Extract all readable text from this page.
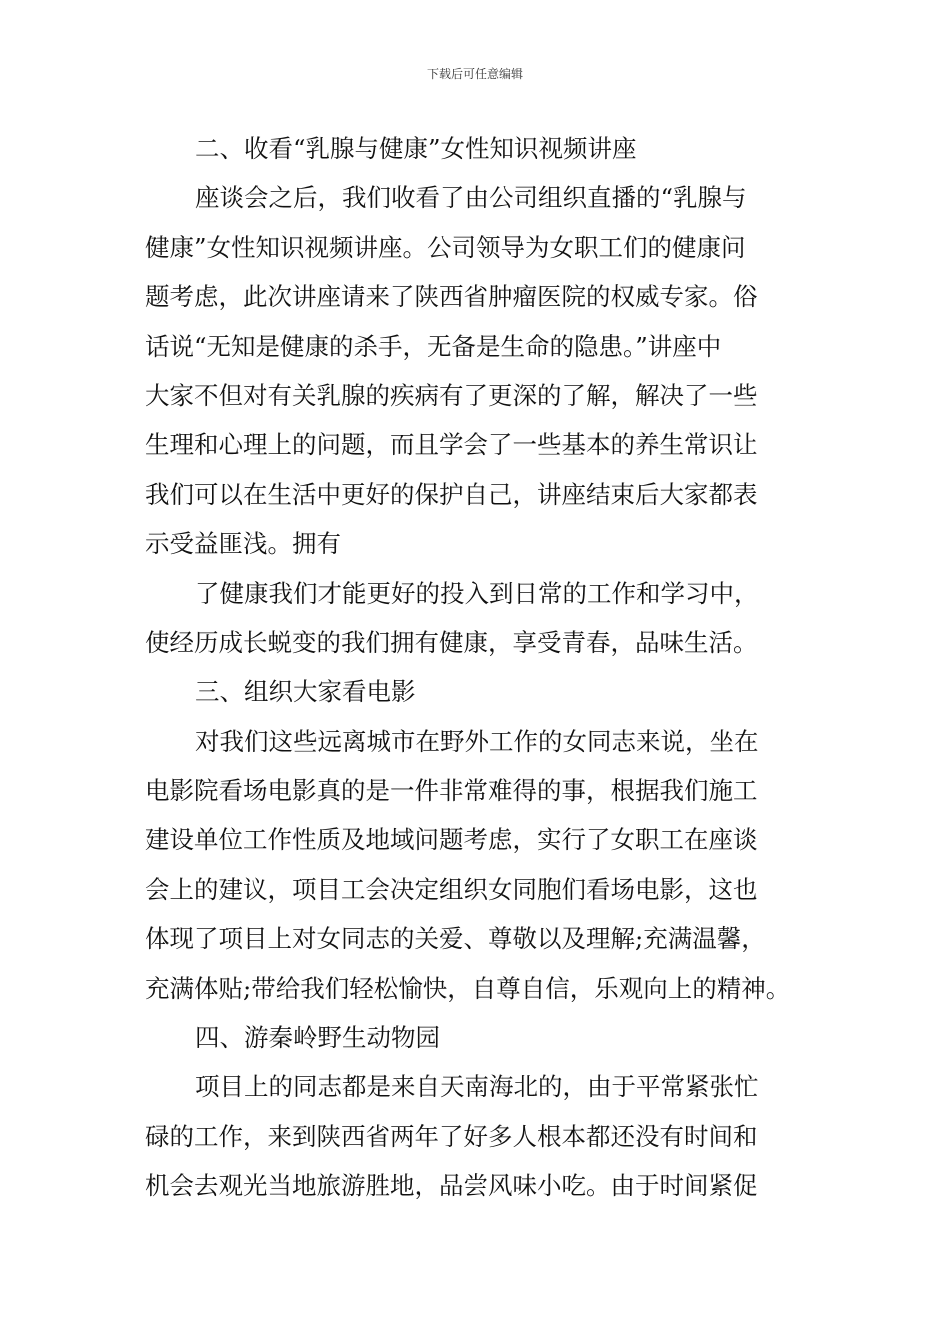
下载后可任意编辑
二、收看“乳腺与健康”女性知识视频讲座
座谈会之后，我们收看了由公司组织直播的“乳腺与
健康”女性知识视频讲座。公司领导为女职工们的健康问
题考虑，此次讲座请来了陕西省肿瘤医院的权威专家。俗
话说“无知是健康的杀手，无备是生命的隐患。”讲座中
大家不但对有关乳腺的疾病有了更深的了解，解决了一些
生理和心理上的问题，而且学会了一些基本的养生常识让
我们可以在生活中更好的保护自己，讲座结束后大家都表
示受益匪浅。拥有
了健康我们才能更好的投入到日常的工作和学习中，
使经历成长蜕变的我们拥有健康，享受青春，品味生活。
三、组织大家看电影
对我们这些远离城市在野外工作的女同志来说，坐在
电影院看场电影真的是一件非常难得的事，根据我们施工
建设单位工作性质及地域问题考虑，实行了女职工在座谈
会上的建议，项目工会决定组织女同胞们看场电影，这也
体现了项目上对女同志的关爱、尊敬以及理解;充满温馨，
充满体贴;带给我们轻松愉快，自尊自信，乐观向上的精神。
四、游秦岭野生动物园
项目上的同志都是来自天南海北的，由于平常紧张忙
碌的工作，来到陕西省两年了好多人根本都还没有时间和
机会去观光当地旅游胜地，品尝风味小吃。由于时间紧促
